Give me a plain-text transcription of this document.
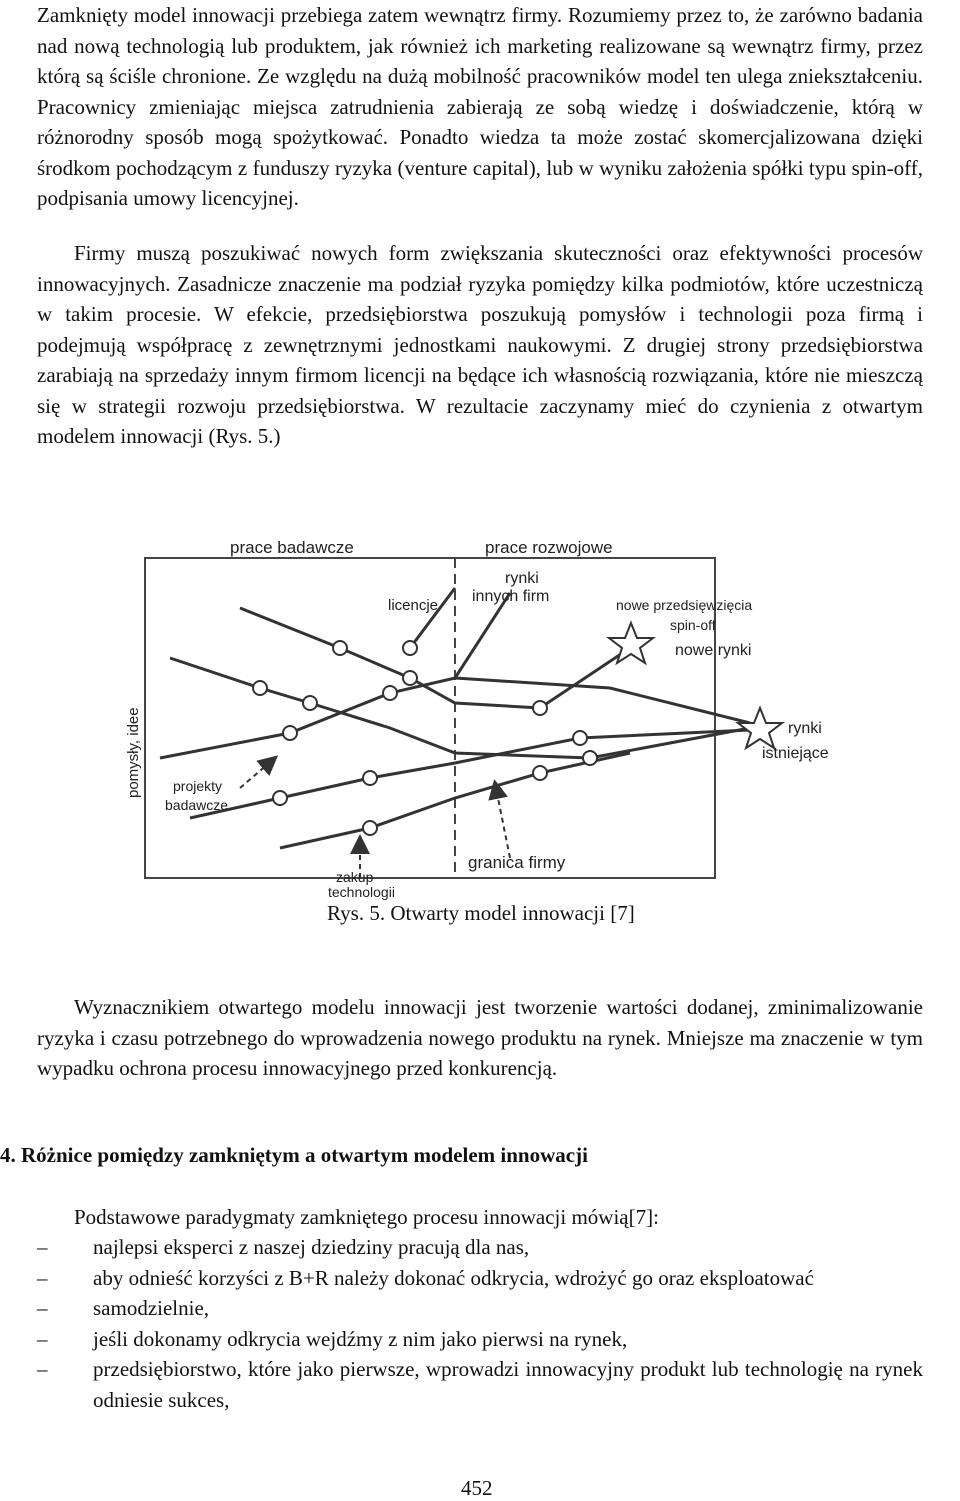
Zamknięty model innowacji przebiega zatem wewnątrz firmy. Rozumiemy przez to, że zarówno badania nad nową technologią lub produktem, jak również ich marketing realizowane są wewnątrz firmy, przez którą są ściśle chronione. Ze względu na dużą mobilność pracowników model ten ulega zniekształceniu. Pracownicy zmieniając miejsca zatrudnienia zabierają ze sobą wiedzę i doświadczenie, którą w różnorodny sposób mogą spożytkować. Ponadto wiedza ta może zostać skomercjalizowana dzięki środkom pochodzącym z funduszy ryzyka (venture capital), lub w wyniku założenia spółki typu spin-off, podpisania umowy licencyjnej.

Firmy muszą poszukiwać nowych form zwiększania skuteczności oraz efektywności procesów innowacyjnych. Zasadnicze znaczenie ma podział ryzyka pomiędzy kilka podmiotów, które uczestniczą w takim procesie. W efekcie, przedsiębiorstwa poszukują pomysłów i technologii poza firmą i podejmują współpracę z zewnętrznymi jednostkami naukowymi. Z drugiej strony przedsiębiorstwa zarabiają na sprzedaży innym firmom licencji na będące ich własnością rozwiązania, które nie mieszczą się w strategii rozwoju przedsiębiorstwa. W rezultacie zaczynamy mieć do czynienia z otwartym modelem innowacji (Rys. 5.)

prace badawcze	prace rozwojowe
rynki
innych firm
licencje	nowe przedsięwzięcia
spin-off
nowe rynki
pomysły, idee	rynki
istniejące
projekty
badawcze
granica firmy
zakup
technologii
Rys. 5. Otwarty model innowacji [7]

Wyznacznikiem otwartego modelu innowacji jest tworzenie wartości dodanej, zminimalizowanie ryzyka i czasu potrzebnego do wprowadzenia nowego produktu na rynek. Mniejsze ma znaczenie w tym wypadku ochrona procesu innowacyjnego przed konkurencją.

4. Różnice pomiędzy zamkniętym a otwartym modelem innowacji

Podstawowe paradygmaty zamkniętego procesu innowacji mówią[7]:

– najlepsi eksperci z naszej dziedziny pracują dla nas,
– aby odnieść korzyści z B+R należy dokonać odkrycia, wdrożyć go oraz eksploatować
– samodzielnie,
– jeśli dokonamy odkrycia wejdźmy z nim jako pierwsi na rynek,
– przedsiębiorstwo, które jako pierwsze, wprowadzi innowacyjny produkt lub technologię na rynek odniesie sukces,
452
